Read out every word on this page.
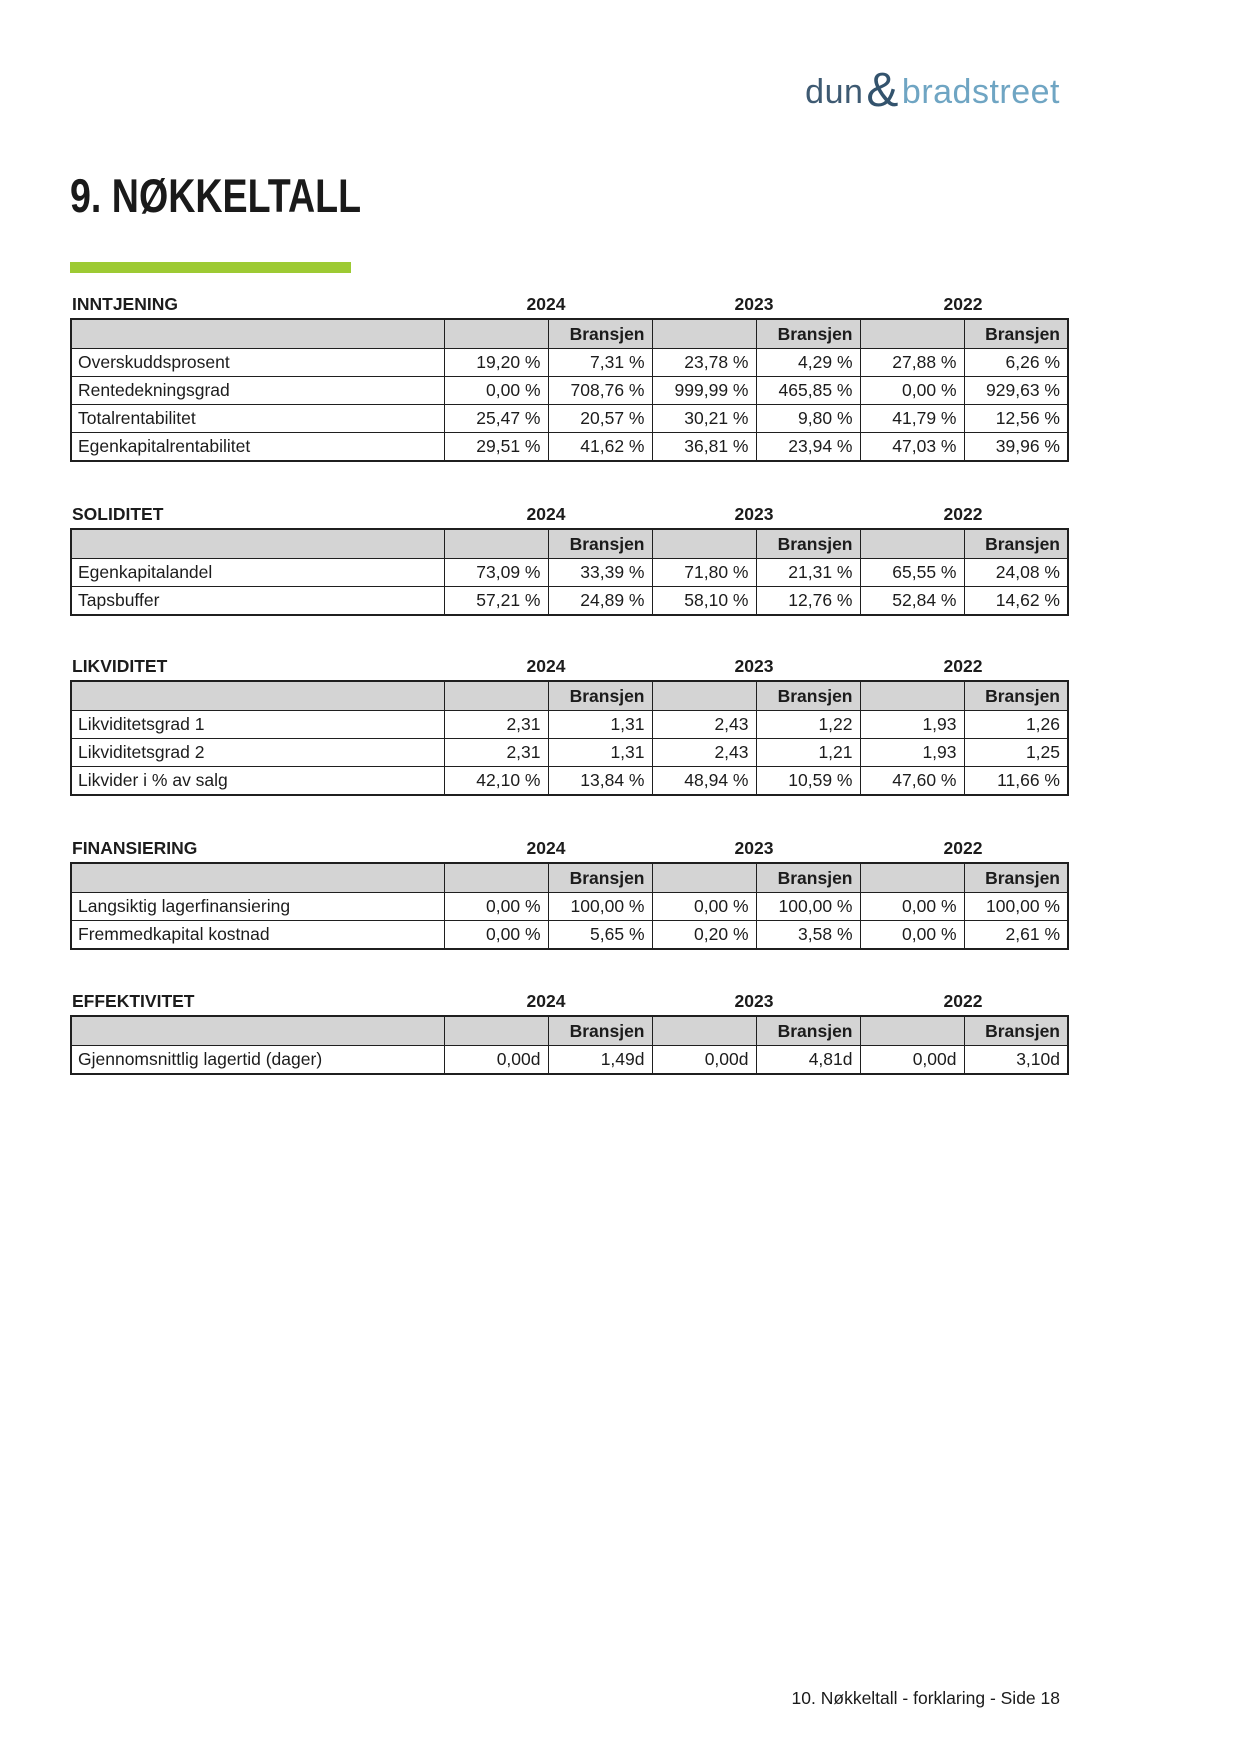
dun & bradstreet
9. NØKKELTALL
INNTJENING	2024	2023	2022
		Bransjen		Bransjen		Bransjen
Overskuddsprosent	19,20 %	7,31 %	23,78 %	4,29 %	27,88 %	6,26 %
Rentedekningsgrad	0,00 %	708,76 %	999,99 %	465,85 %	0,00 %	929,63 %
Totalrentabilitet	25,47 %	20,57 %	30,21 %	9,80 %	41,79 %	12,56 %
Egenkapitalrentabilitet	29,51 %	41,62 %	36,81 %	23,94 %	47,03 %	39,96 %
SOLIDITET	2024	2023	2022
		Bransjen		Bransjen		Bransjen
Egenkapitalandel	73,09 %	33,39 %	71,80 %	21,31 %	65,55 %	24,08 %
Tapsbuffer	57,21 %	24,89 %	58,10 %	12,76 %	52,84 %	14,62 %
LIKVIDITET	2024	2023	2022
		Bransjen		Bransjen		Bransjen
Likviditetsgrad 1	2,31	1,31	2,43	1,22	1,93	1,26
Likviditetsgrad 2	2,31	1,31	2,43	1,21	1,93	1,25
Likvider i % av salg	42,10 %	13,84 %	48,94 %	10,59 %	47,60 %	11,66 %
FINANSIERING	2024	2023	2022
		Bransjen		Bransjen		Bransjen
Langsiktig lagerfinansiering	0,00 %	100,00 %	0,00 %	100,00 %	0,00 %	100,00 %
Fremmedkapital kostnad	0,00 %	5,65 %	0,20 %	3,58 %	0,00 %	2,61 %
EFFEKTIVITET	2024	2023	2022
		Bransjen		Bransjen		Bransjen
Gjennomsnittlig lagertid (dager)	0,00d	1,49d	0,00d	4,81d	0,00d	3,10d
10. Nøkkeltall - forklaring - Side 18
